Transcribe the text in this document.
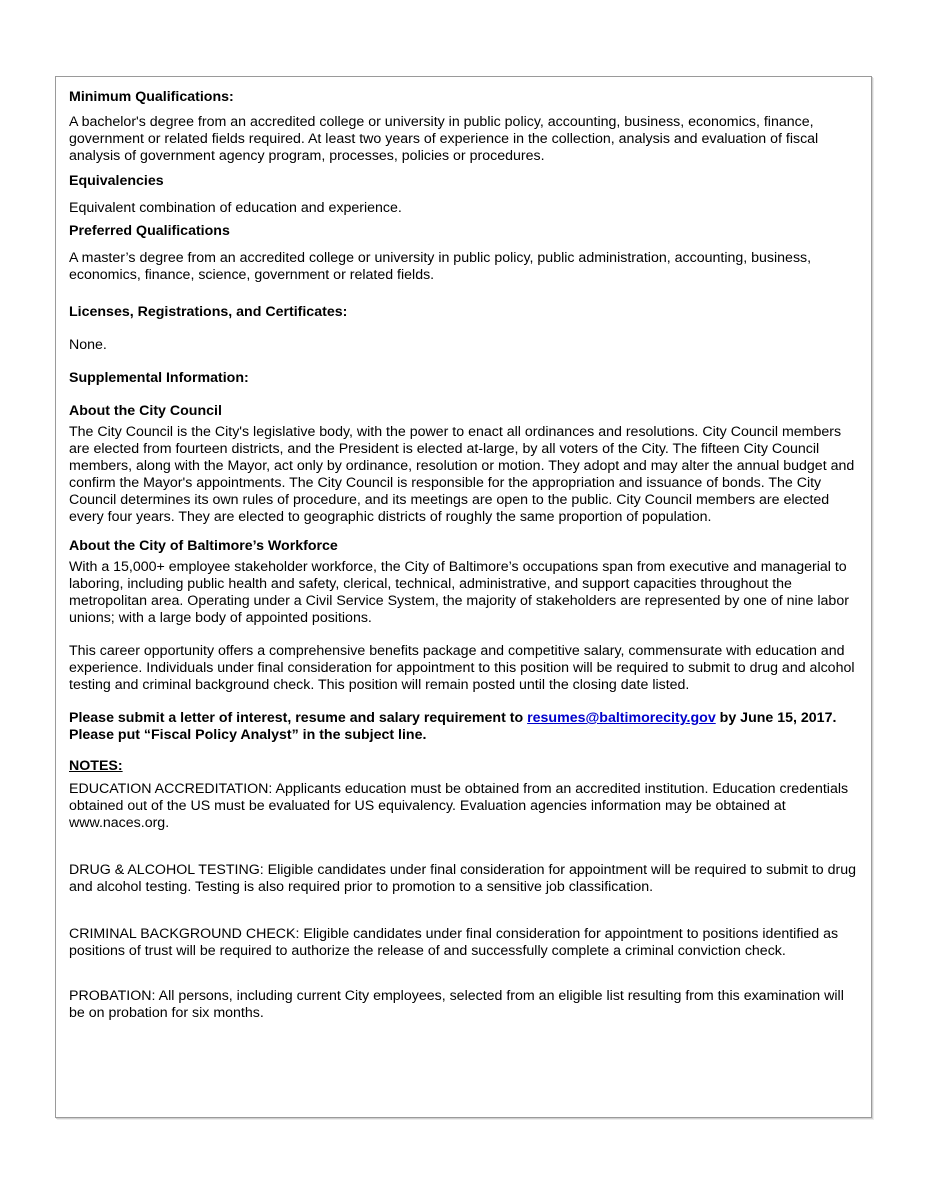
Minimum Qualifications:

A bachelor's degree from an accredited college or university in public policy, accounting, business, economics, finance, government or related fields required. At least two years of experience in the collection, analysis and evaluation of fiscal analysis of government agency program, processes, policies or procedures.

Equivalencies

Equivalent combination of education and experience.

Preferred Qualifications

A master’s degree from an accredited college or university in public policy, public administration, accounting, business, economics, finance, science, government or related fields.

Licenses, Registrations, and Certificates:

None.

Supplemental Information:

About the City Council

The City Council is the City's legislative body, with the power to enact all ordinances and resolutions. City Council members are elected from fourteen districts, and the President is elected at-large, by all voters of the City. The fifteen City Council members, along with the Mayor, act only by ordinance, resolution or motion. They adopt and may alter the annual budget and confirm the Mayor's appointments. The City Council is responsible for the appropriation and issuance of bonds. The City Council determines its own rules of procedure, and its meetings are open to the public. City Council members are elected every four years. They are elected to geographic districts of roughly the same proportion of population.

About the City of Baltimore’s Workforce

With a 15,000+ employee stakeholder workforce, the City of Baltimore’s occupations span from executive and managerial to laboring, including public health and safety, clerical, technical, administrative, and support capacities throughout the metropolitan area. Operating under a Civil Service System, the majority of stakeholders are represented by one of nine labor unions; with a large body of appointed positions.

This career opportunity offers a comprehensive benefits package and competitive salary, commensurate with education and experience. Individuals under final consideration for appointment to this position will be required to submit to drug and alcohol testing and criminal background check. This position will remain posted until the closing date listed.

Please submit a letter of interest, resume and salary requirement to resumes@baltimorecity.gov by June 15, 2017. Please put “Fiscal Policy Analyst” in the subject line.

NOTES:

EDUCATION ACCREDITATION: Applicants education must be obtained from an accredited institution. Education credentials obtained out of the US must be evaluated for US equivalency. Evaluation agencies information may be obtained at www.naces.org.

DRUG & ALCOHOL TESTING: Eligible candidates under final consideration for appointment will be required to submit to drug and alcohol testing. Testing is also required prior to promotion to a sensitive job classification.

CRIMINAL BACKGROUND CHECK: Eligible candidates under final consideration for appointment to positions identified as positions of trust will be required to authorize the release of and successfully complete a criminal conviction check.

PROBATION: All persons, including current City employees, selected from an eligible list resulting from this examination will be on probation for six months.
